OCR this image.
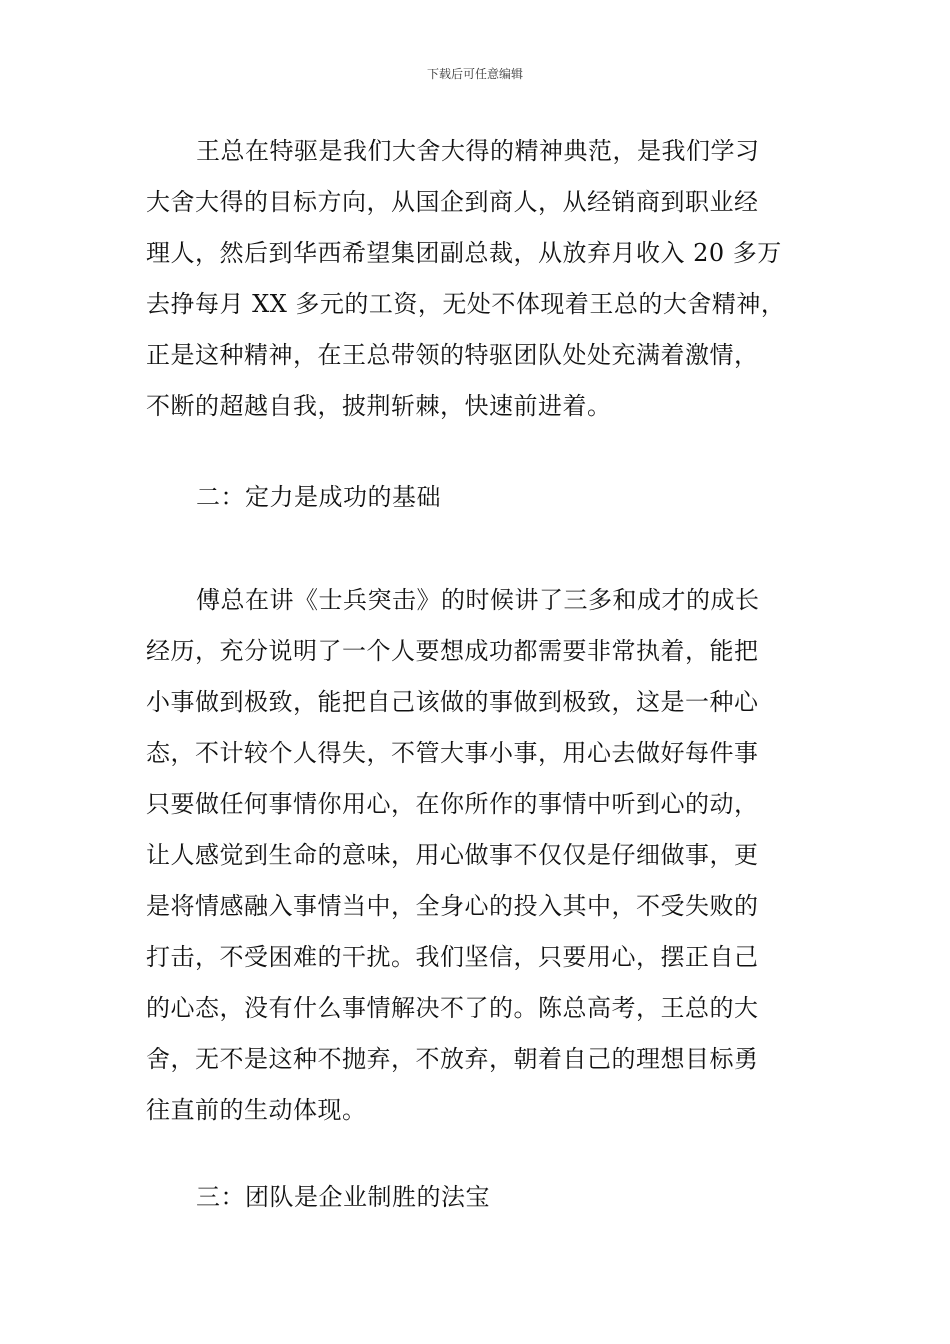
下载后可任意编辑
王总在特驱是我们大舍大得的精神典范，是我们学习
大舍大得的目标方向，从国企到商人，从经销商到职业经
理人，然后到华西希望集团副总裁，从放弃月收入 20 多万
去挣每月 XX 多元的工资，无处不体现着王总的大舍精神，
正是这种精神，在王总带领的特驱团队处处充满着激情，
不断的超越自我，披荆斩棘，快速前进着。
二：定力是成功的基础
傅总在讲《士兵突击》的时候讲了三多和成才的成长
经历，充分说明了一个人要想成功都需要非常执着，能把
小事做到极致，能把自己该做的事做到极致，这是一种心
态，不计较个人得失，不管大事小事，用心去做好每件事
只要做任何事情你用心，在你所作的事情中听到心的动，
让人感觉到生命的意味，用心做事不仅仅是仔细做事，更
是将情感融入事情当中，全身心的投入其中，不受失败的
打击，不受困难的干扰。我们坚信，只要用心，摆正自己
的心态，没有什么事情解决不了的。陈总高考，王总的大
舍，无不是这种不抛弃，不放弃，朝着自己的理想目标勇
往直前的生动体现。
三：团队是企业制胜的法宝
